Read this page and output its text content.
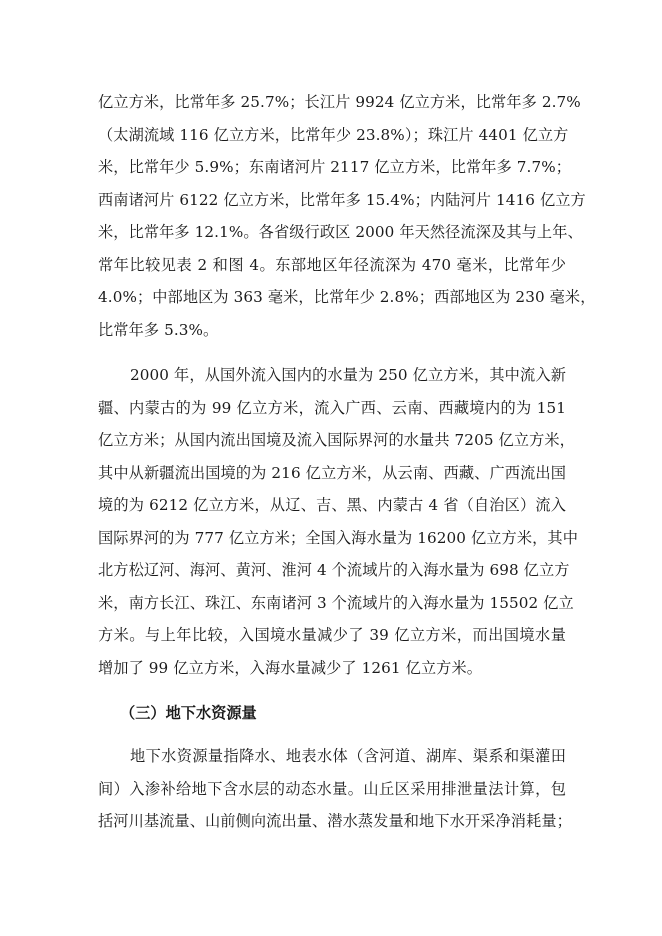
亿立方米，比常年多 25.7%；长江片 9924 亿立方米，比常年多 2.7%
（太湖流域 116 亿立方米，比常年少 23.8%）；珠江片 4401 亿立方
米，比常年少 5.9%；东南诸河片 2117 亿立方米，比常年多 7.7%；
西南诸河片 6122 亿立方米，比常年多 15.4%；内陆河片 1416 亿立方
米，比常年多 12.1%。各省级行政区 2000 年天然径流深及其与上年、
常年比较见表 2 和图 4。东部地区年径流深为 470 毫米，比常年少
4.0%；中部地区为 363 毫米，比常年少 2.8%；西部地区为 230 毫米，
比常年多 5.3%。
2000 年，从国外流入国内的水量为 250 亿立方米，其中流入新
疆、内蒙古的为 99 亿立方米，流入广西、云南、西藏境内的为 151
亿立方米；从国内流出国境及流入国际界河的水量共 7205 亿立方米，
其中从新疆流出国境的为 216 亿立方米，从云南、西藏、广西流出国
境的为 6212 亿立方米，从辽、吉、黑、内蒙古 4 省（自治区）流入
国际界河的为 777 亿立方米；全国入海水量为 16200 亿立方米，其中
北方松辽河、海河、黄河、淮河 4 个流域片的入海水量为 698 亿立方
米，南方长江、珠江、东南诸河 3 个流域片的入海水量为 15502 亿立
方米。与上年比较，入国境水量减少了 39 亿立方米，而出国境水量
增加了 99 亿立方米，入海水量减少了 1261 亿立方米。
（三）地下水资源量
地下水资源量指降水、地表水体（含河道、湖库、渠系和渠灌田
间）入渗补给地下含水层的动态水量。山丘区采用排泄量法计算，包
括河川基流量、山前侧向流出量、潜水蒸发量和地下水开采净消耗量；
